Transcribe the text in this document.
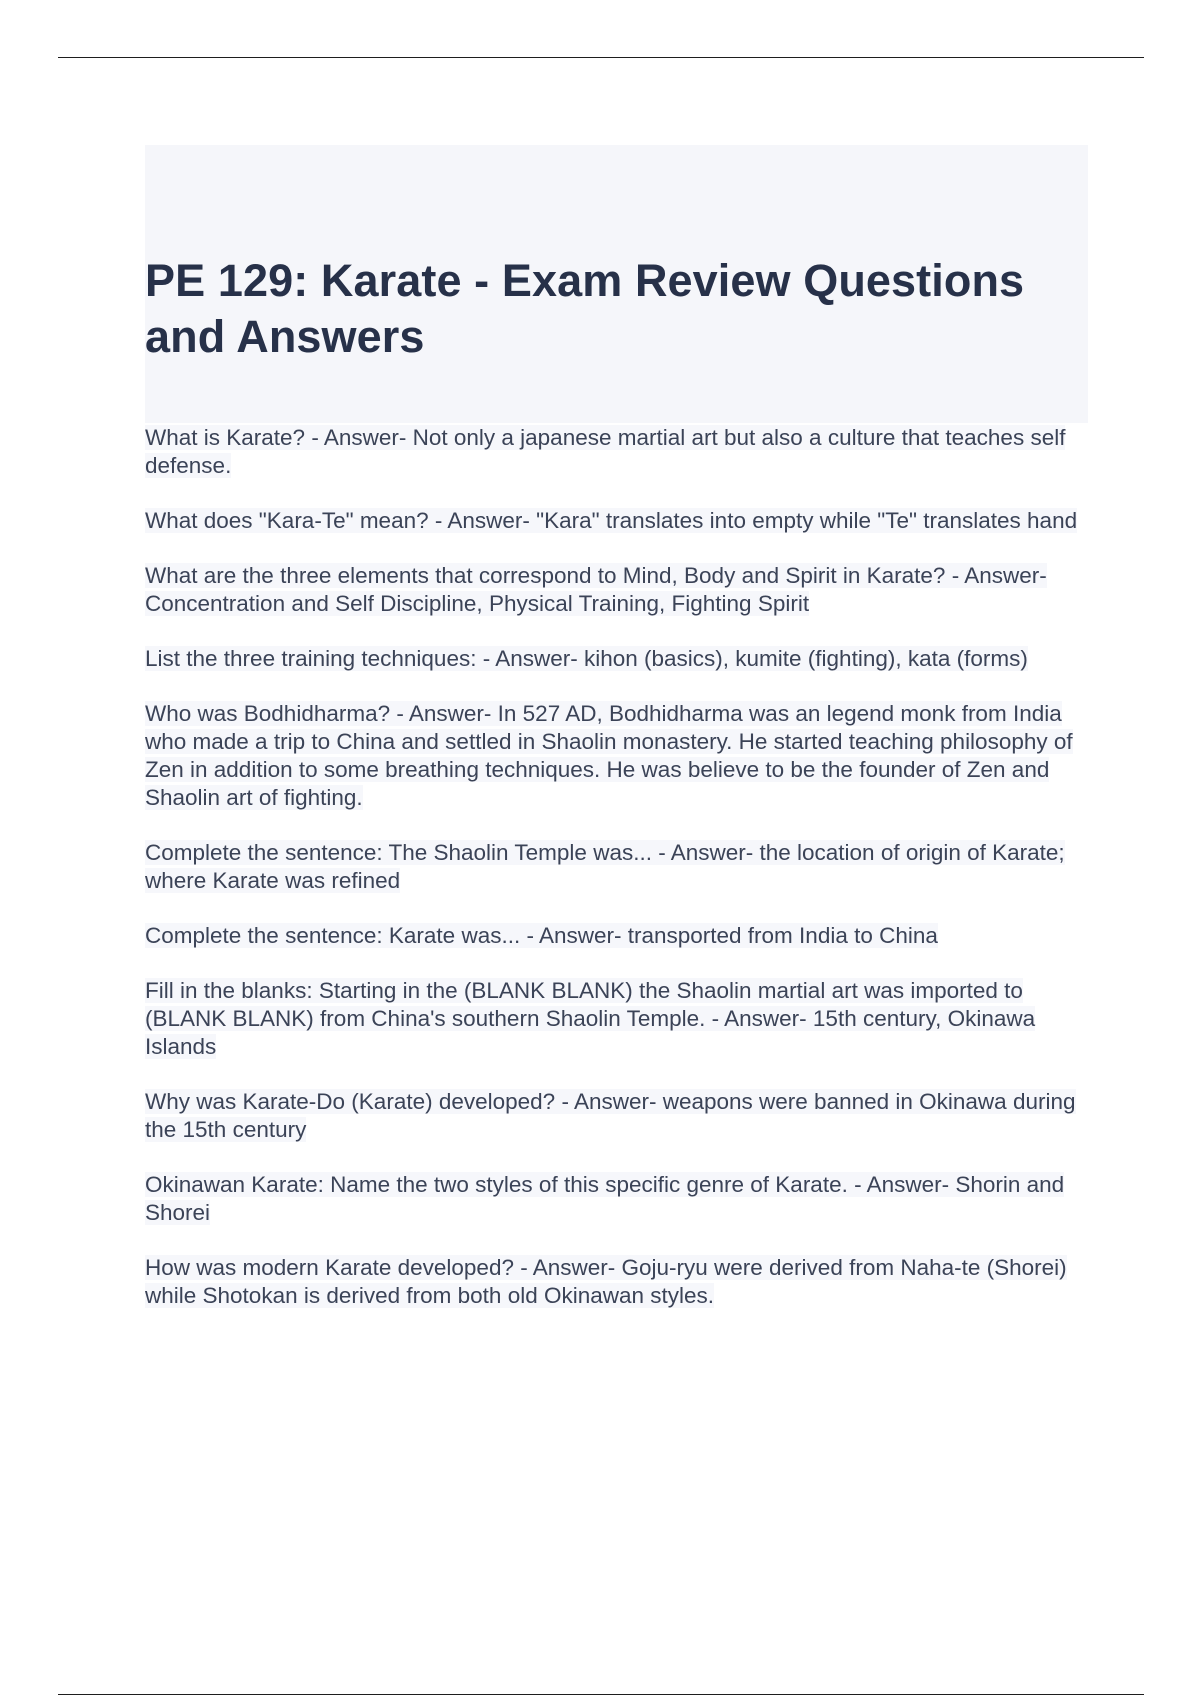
PE 129: Karate - Exam Review Questions and Answers
What is Karate? - Answer- Not only a japanese martial art but also a culture that teaches self defense.
What does "Kara-Te" mean? - Answer- "Kara" translates into empty while "Te" translates hand
What are the three elements that correspond to Mind, Body and Spirit in Karate? - Answer- Concentration and Self Discipline, Physical Training, Fighting Spirit
List the three training techniques: - Answer- kihon (basics), kumite (fighting), kata (forms)
Who was Bodhidharma? - Answer- In 527 AD, Bodhidharma was an legend monk from India who made a trip to China and settled in Shaolin monastery. He started teaching philosophy of Zen in addition to some breathing techniques. He was believe to be the founder of Zen and Shaolin art of fighting.
Complete the sentence: The Shaolin Temple was... - Answer- the location of origin of Karate; where Karate was refined
Complete the sentence: Karate was... - Answer- transported from India to China
Fill in the blanks: Starting in the (BLANK BLANK) the Shaolin martial art was imported to (BLANK BLANK) from China's southern Shaolin Temple. - Answer- 15th century, Okinawa Islands
Why was Karate-Do (Karate) developed? - Answer- weapons were banned in Okinawa during the 15th century
Okinawan Karate: Name the two styles of this specific genre of Karate. - Answer- Shorin and Shorei
How was modern Karate developed? - Answer- Goju-ryu were derived from Naha-te (Shorei) while Shotokan is derived from both old Okinawan styles.
